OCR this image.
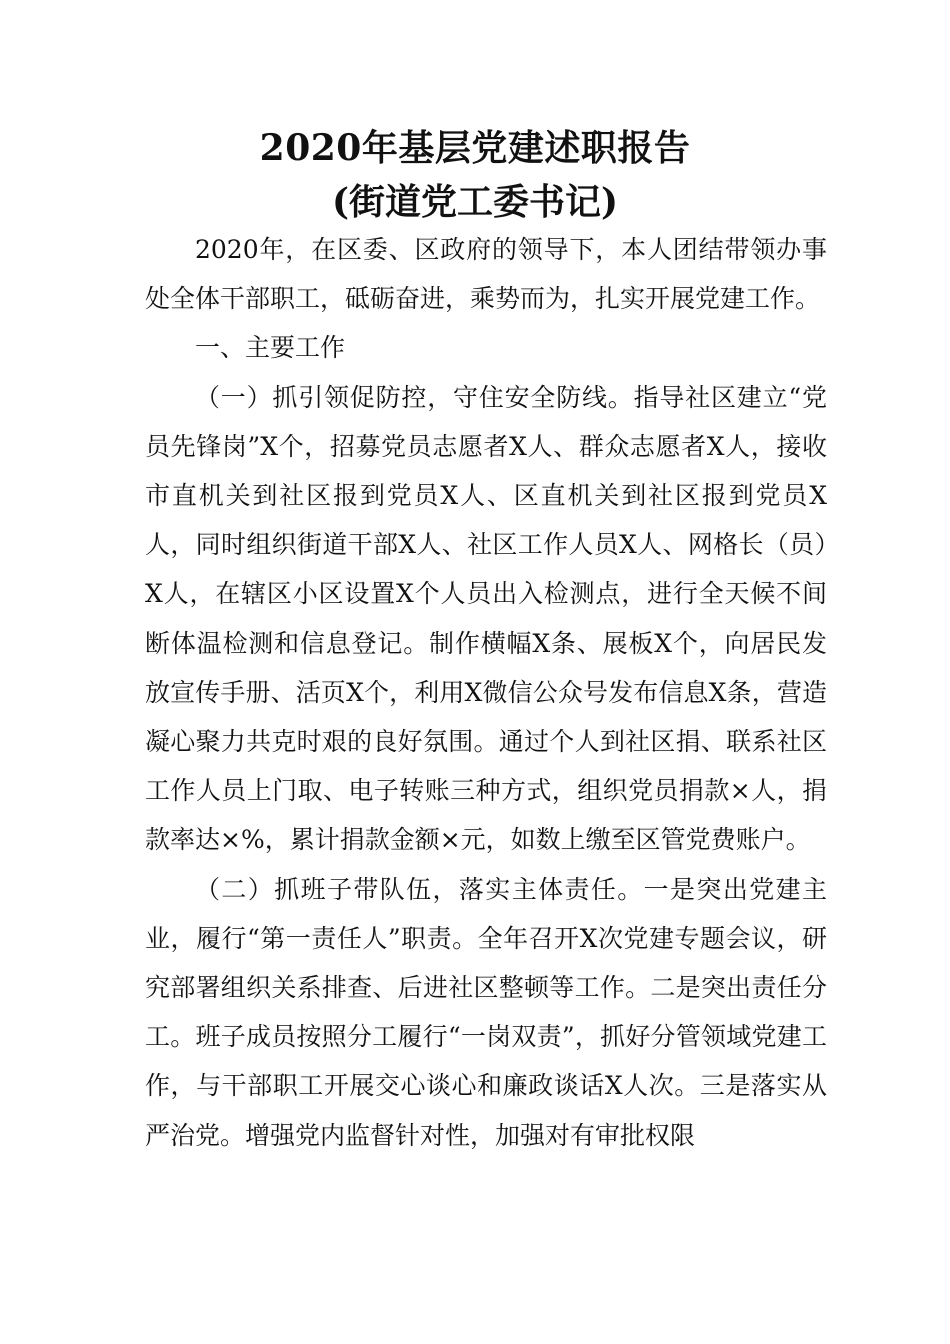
2020年基层党建述职报告
(街道党工委书记)

2020年，在区委、区政府的领导下，本人团结带领办事处全体干部职工，砥砺奋进，乘势而为，扎实开展党建工作。

一、主要工作

（一）抓引领促防控，守住安全防线。指导社区建立“党员先锋岗”X个，招募党员志愿者X人、群众志愿者X人，接收市直机关到社区报到党员X人、区直机关到社区报到党员X人，同时组织街道干部X人、社区工作人员X人、网格长（员）X人，在辖区小区设置X个人员出入检测点，进行全天候不间断体温检测和信息登记。制作横幅X条、展板X个，向居民发放宣传手册、活页X个，利用X微信公众号发布信息X条，营造凝心聚力共克时艰的良好氛围。通过个人到社区捐、联系社区工作人员上门取、电子转账三种方式，组织党员捐款×人，捐款率达×%，累计捐款金额×元，如数上缴至区管党费账户。

（二）抓班子带队伍，落实主体责任。一是突出党建主业，履行“第一责任人”职责。全年召开X次党建专题会议，研究部署组织关系排查、后进社区整顿等工作。二是突出责任分工。班子成员按照分工履行“一岗双责”，抓好分管领域党建工作，与干部职工开展交心谈心和廉政谈话X人次。三是落实从严治党。增强党内监督针对性，加强对有审批权限
